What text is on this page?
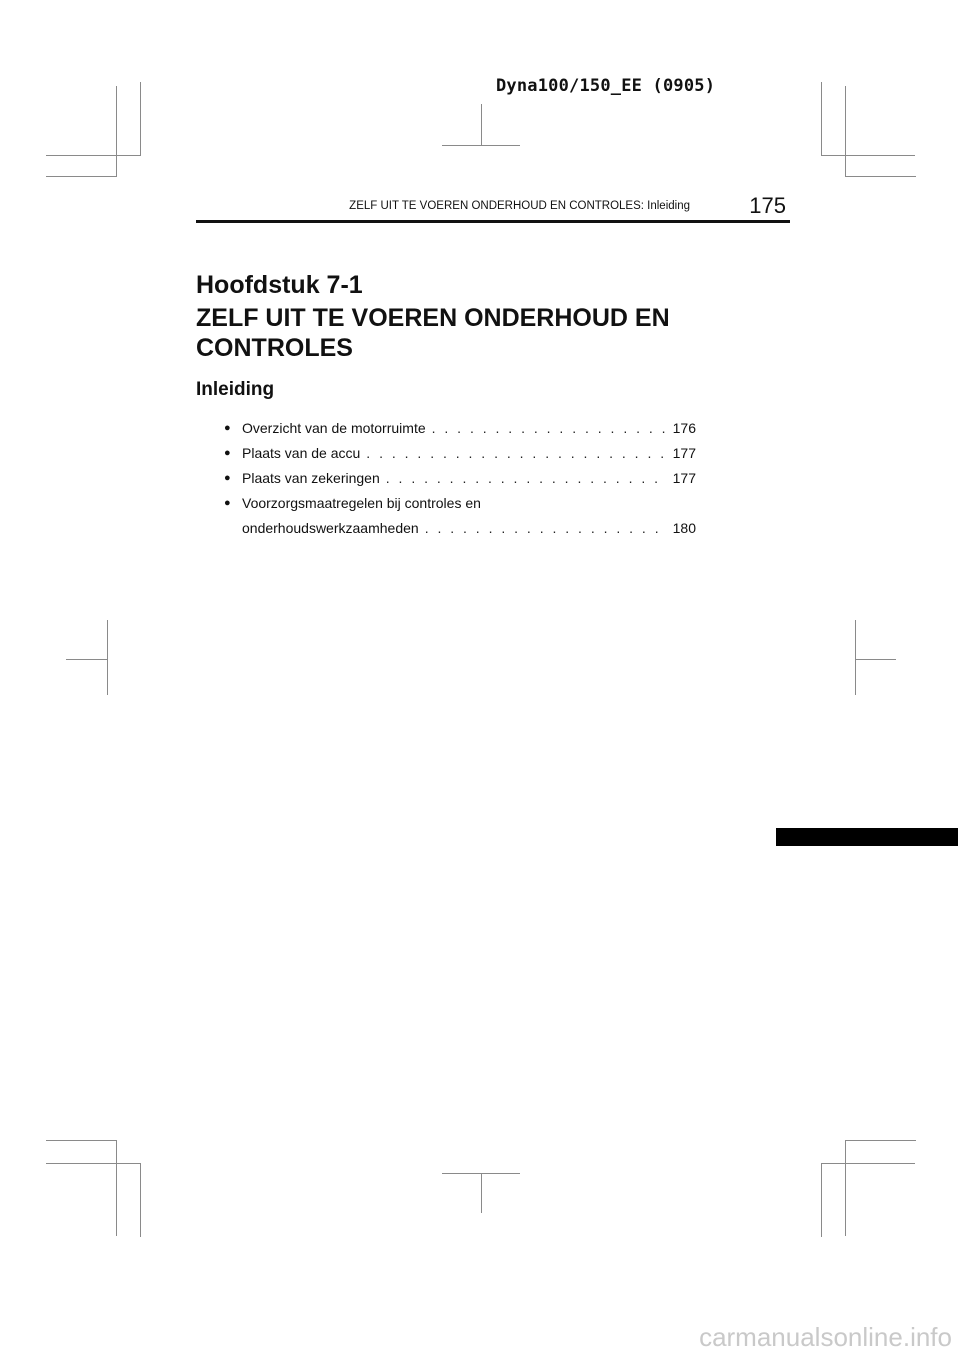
Dyna100/150_EE (0905)
ZELF UIT TE VOEREN ONDERHOUD EN CONTROLES: Inleiding	175
Hoofdstuk 7-1
ZELF UIT TE VOEREN ONDERHOUD EN
CONTROLES
Inleiding
● Overzicht van de motorruimte . . .	176
● Plaats van de accu . . .	177
● Plaats van zekeringen . . .	177
● Voorzorgsmaatregelen bij controles en
onderhoudswerkzaamheden . . .	180
carmanualsonline.info
